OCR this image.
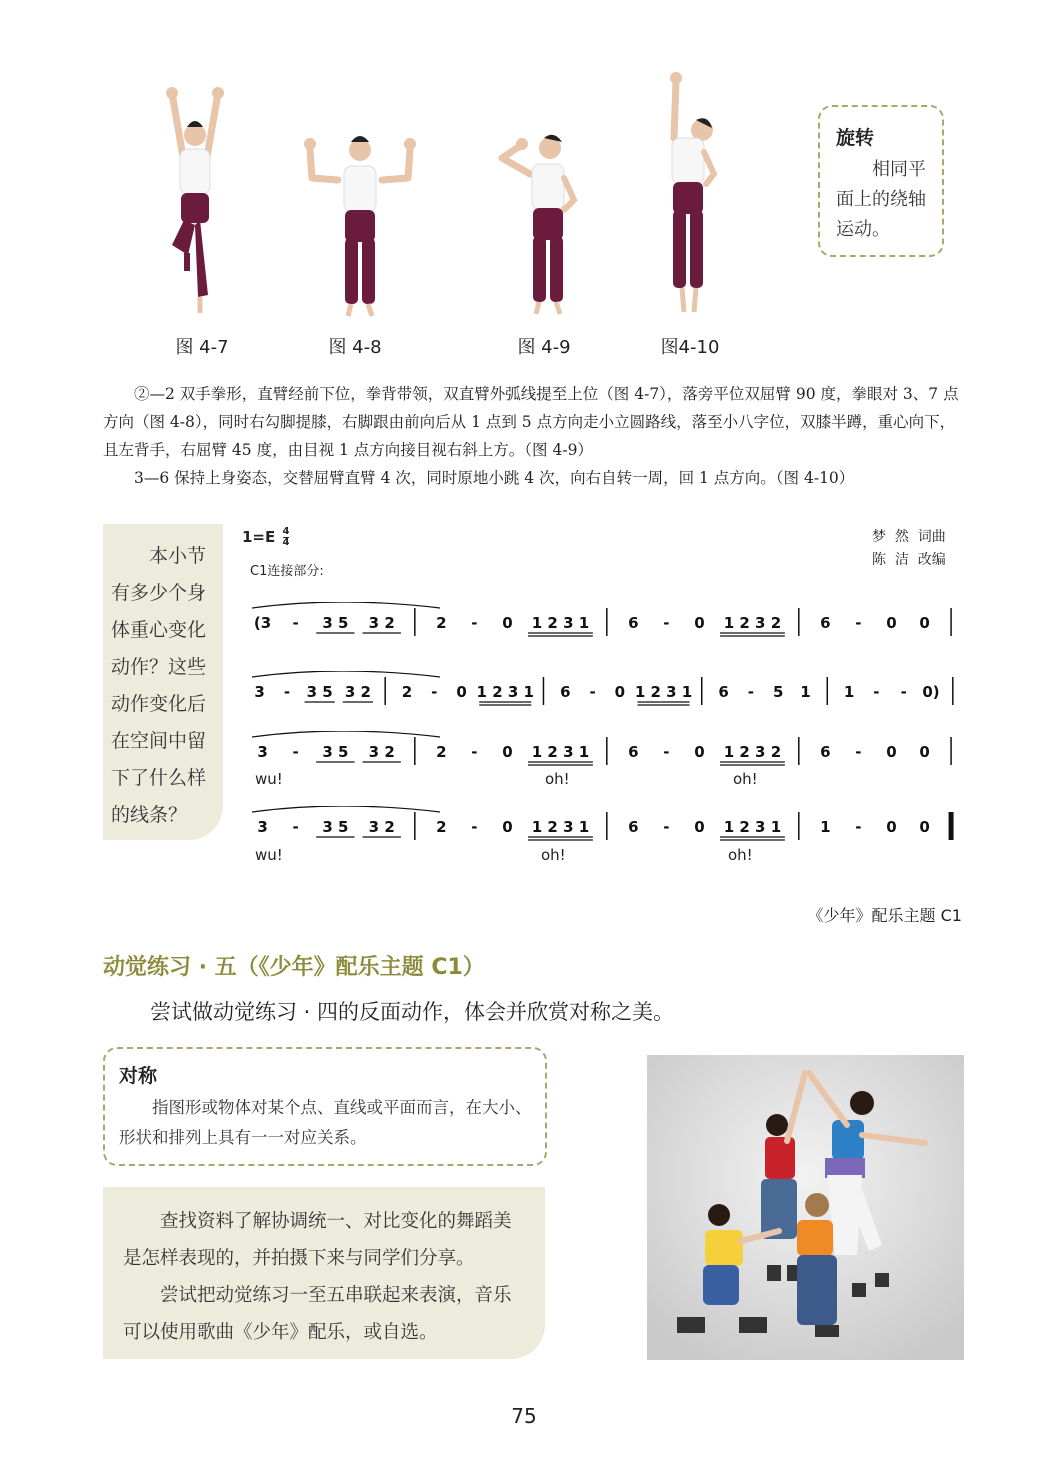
图 4-7	图 4-8	图 4-9	图4-10
旋转
相同平面上的绕轴运动。

②—2 双手拳形，直臂经前下位，拳背带领，双直臂外弧线提至上位（图 4-7），落旁平位双屈臂 90 度，拳眼对 3、7 点方向（图 4-8），同时右勾脚提膝，右脚跟由前向后从 1 点到 5 点方向走小立圆路线，落至小八字位，双膝半蹲，重心向下，且左背手，右屈臂 45 度，由目视 1 点方向接目视右斜上方。（图 4-9）

3—6 保持上身姿态，交替屈臂直臂 4 次，同时原地小跳 4 次，向右自转一周，回 1 点方向。（图 4-10）

本小节有多少个身体重心变化动作？这些动作变化后在空间中留下了什么样的线条？
$1=E \frac{4}{4}$	梦  然  词曲
陈  洁  改编
C1连接部分:
(3 - 3 5 3 2	2 - 0 1 2 3 1	6 - 0 1 2 3 2	6 - 0 0
3 - 3 5 3 2 2 - 0 1 2 3 1 6 - 0 1 2 3 1 6 - 5 1 1 - - 0)
3 - 3 5 3 2	2 - 0 1 2 3 1	6 - 0 1 2 3 2	6 - 0 0
3 - 3 5 3 2	2 - 0 1 2 3 1	6 - 0 1 2 3 1	1 - 0 0
wu!	oh!	oh!
wu!	oh!	oh!
《少年》配乐主题 C1
动觉练习 · 五（《少年》配乐主题 C1）
尝试做动觉练习 · 四的反面动作，体会并欣赏对称之美。
对称
指图形或物体对某个点、直线或平面而言，在大小、形状和排列上具有一一对应关系。

查找资料了解协调统一、对比变化的舞蹈美是怎样表现的，并拍摄下来与同学们分享。

尝试把动觉练习一至五串联起来表演，音乐可以使用歌曲《少年》配乐，或自选。

75
